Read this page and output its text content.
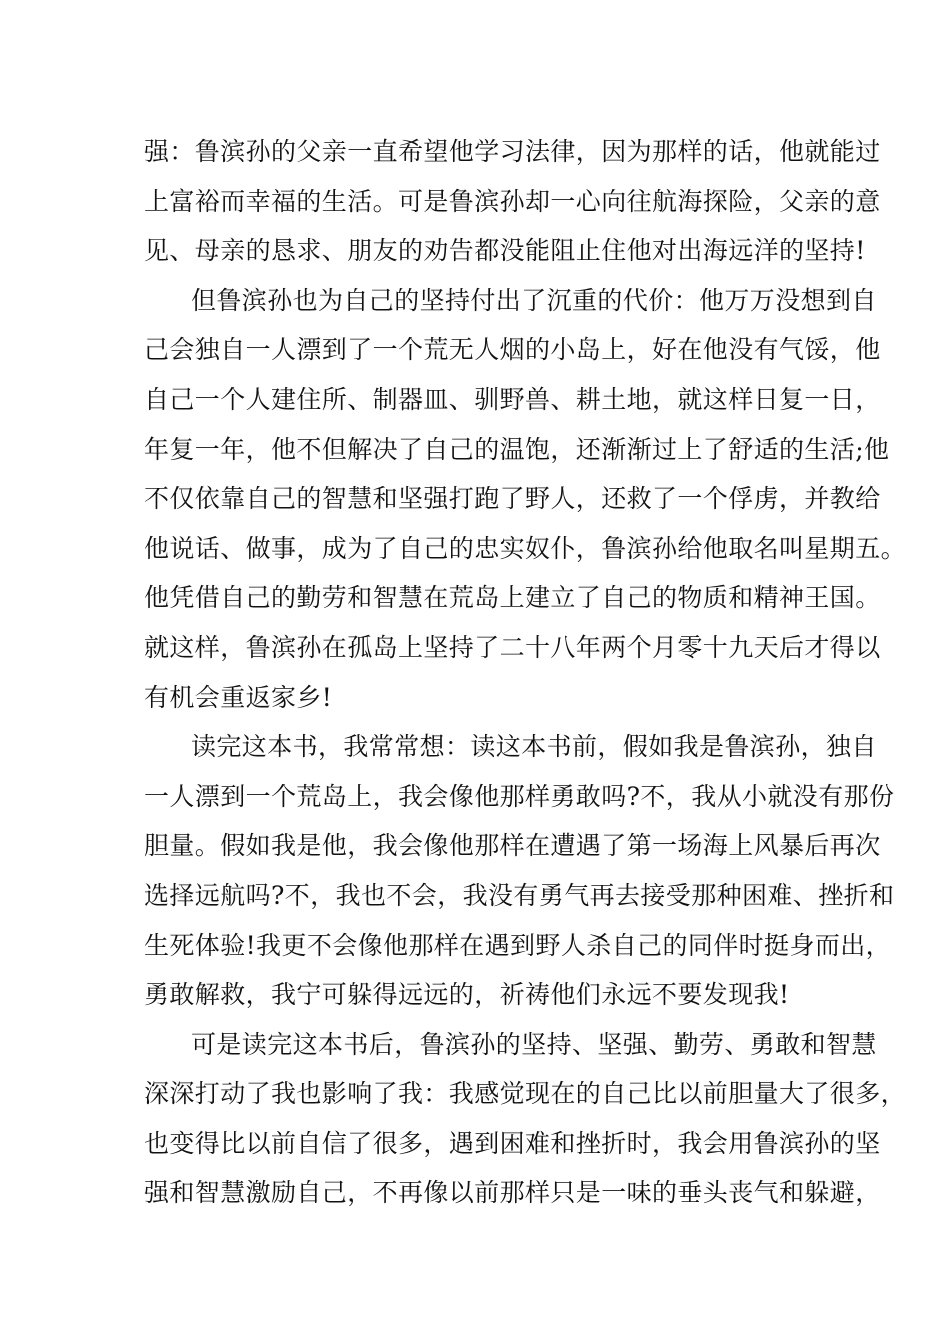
强：鲁滨孙的父亲一直希望他学习法律，因为那样的话，他就能过
上富裕而幸福的生活。可是鲁滨孙却一心向往航海探险，父亲的意
见、母亲的恳求、朋友的劝告都没能阻止住他对出海远洋的坚持!
但鲁滨孙也为自己的坚持付出了沉重的代价：他万万没想到自
己会独自一人漂到了一个荒无人烟的小岛上，好在他没有气馁，他
自己一个人建住所、制器皿、驯野兽、耕土地，就这样日复一日，
年复一年，他不但解决了自己的温饱，还渐渐过上了舒适的生活;他
不仅依靠自己的智慧和坚强打跑了野人，还救了一个俘虏，并教给
他说话、做事，成为了自己的忠实奴仆，鲁滨孙给他取名叫星期五。
他凭借自己的勤劳和智慧在荒岛上建立了自己的物质和精神王国。
就这样，鲁滨孙在孤岛上坚持了二十八年两个月零十九天后才得以
有机会重返家乡!
读完这本书，我常常想：读这本书前，假如我是鲁滨孙，独自
一人漂到一个荒岛上，我会像他那样勇敢吗?不，我从小就没有那份
胆量。假如我是他，我会像他那样在遭遇了第一场海上风暴后再次
选择远航吗?不，我也不会，我没有勇气再去接受那种困难、挫折和
生死体验!我更不会像他那样在遇到野人杀自己的同伴时挺身而出，
勇敢解救，我宁可躲得远远的，祈祷他们永远不要发现我!
可是读完这本书后，鲁滨孙的坚持、坚强、勤劳、勇敢和智慧
深深打动了我也影响了我：我感觉现在的自己比以前胆量大了很多，
也变得比以前自信了很多，遇到困难和挫折时，我会用鲁滨孙的坚
强和智慧激励自己，不再像以前那样只是一味的垂头丧气和躲避，
